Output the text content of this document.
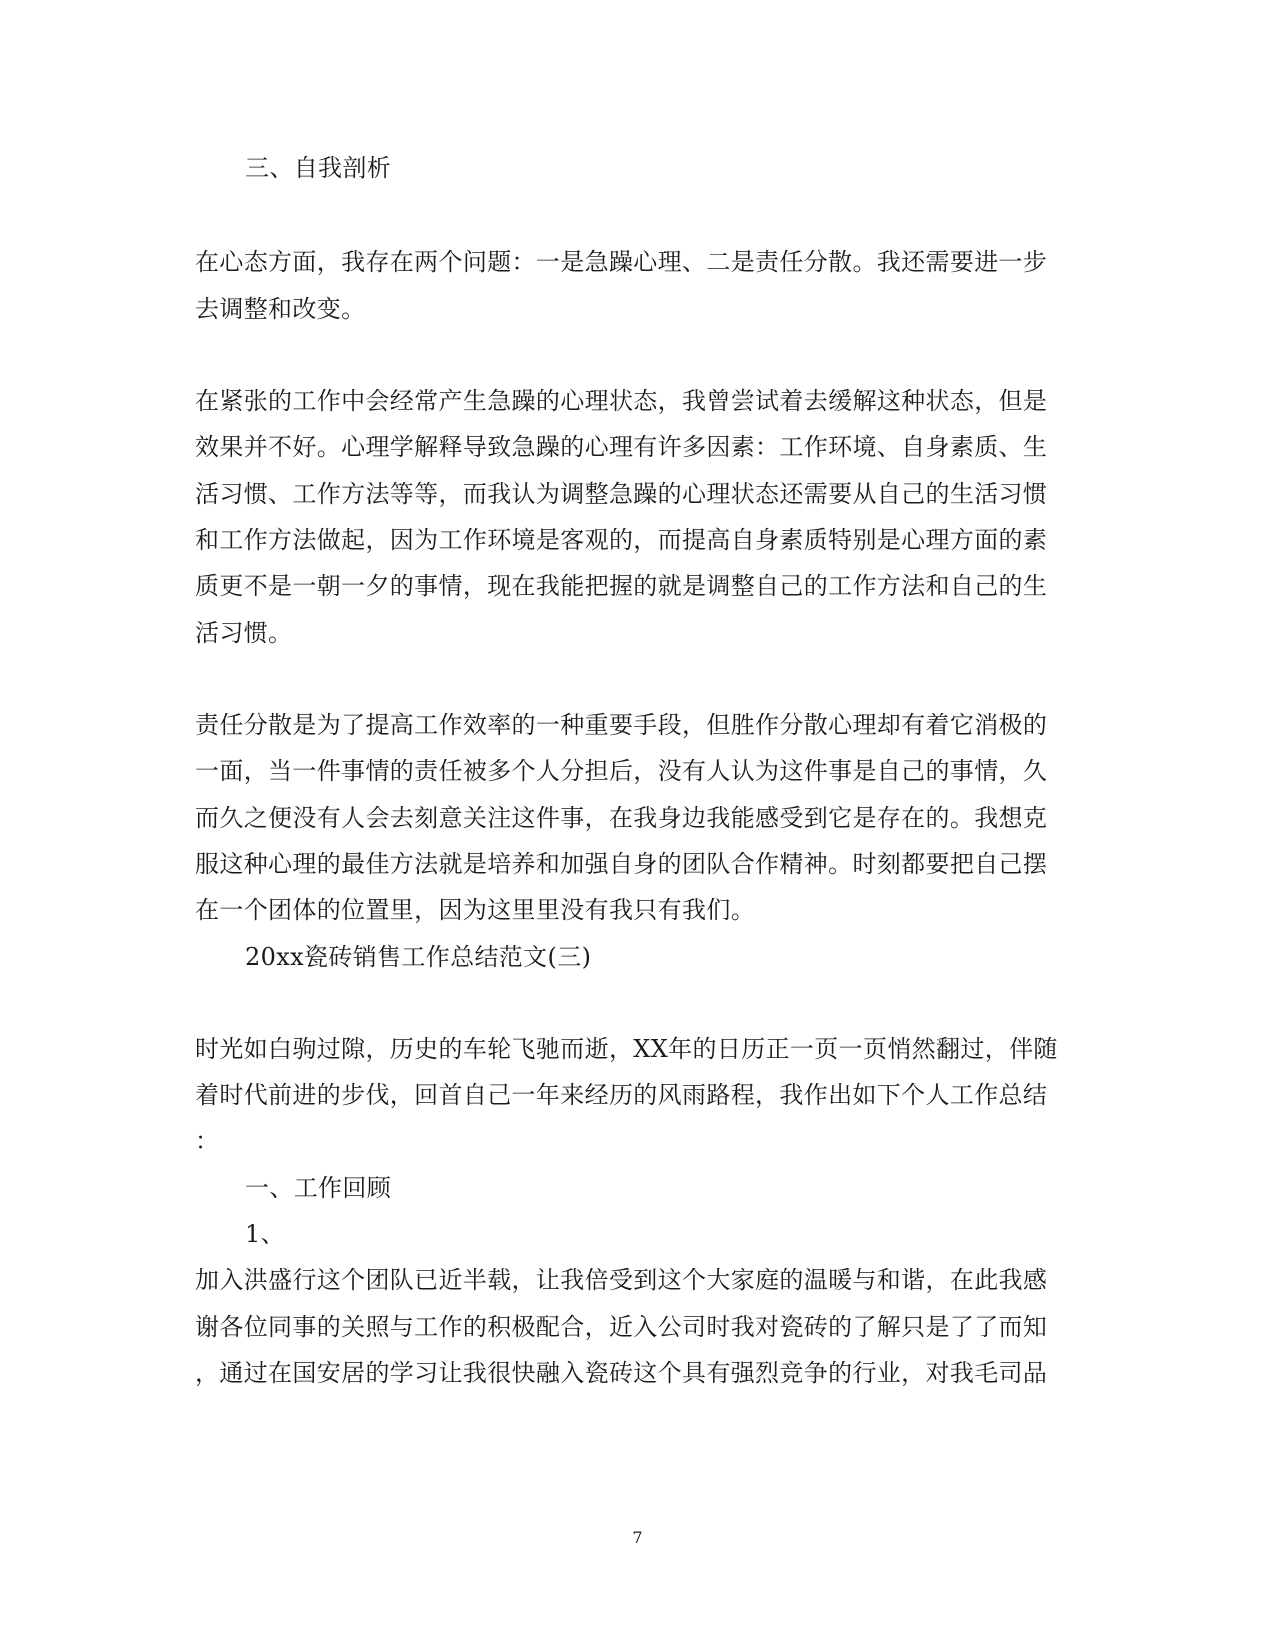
三、自我剖析
在心态方面，我存在两个问题：一是急躁心理、二是责任分散。我还需要进一步
去调整和改变。
在紧张的工作中会经常产生急躁的心理状态，我曾尝试着去缓解这种状态，但是
效果并不好。心理学解释导致急躁的心理有许多因素：工作环境、自身素质、生
活习惯、工作方法等等，而我认为调整急躁的心理状态还需要从自己的生活习惯
和工作方法做起，因为工作环境是客观的，而提高自身素质特别是心理方面的素
质更不是一朝一夕的事情，现在我能把握的就是调整自己的工作方法和自己的生
活习惯。
责任分散是为了提高工作效率的一种重要手段，但胜作分散心理却有着它消极的
一面，当一件事情的责任被多个人分担后，没有人认为这件事是自己的事情，久
而久之便没有人会去刻意关注这件事，在我身边我能感受到它是存在的。我想克
服这种心理的最佳方法就是培养和加强自身的团队合作精神。时刻都要把自己摆
在一个团体的位置里，因为这里里没有我只有我们。
20xx瓷砖销售工作总结范文(三)
时光如白驹过隙，历史的车轮飞驰而逝，XX年的日历正一页一页悄然翻过，伴随
着时代前进的步伐，回首自己一年来经历的风雨路程，我作出如下个人工作总结
：
一、工作回顾
1、
加入洪盛行这个团队已近半载，让我倍受到这个大家庭的温暖与和谐，在此我感
谢各位同事的关照与工作的积极配合，近入公司时我对瓷砖的了解只是了了而知
，通过在国安居的学习让我很快融入瓷砖这个具有强烈竞争的行业，对我毛司品
7
